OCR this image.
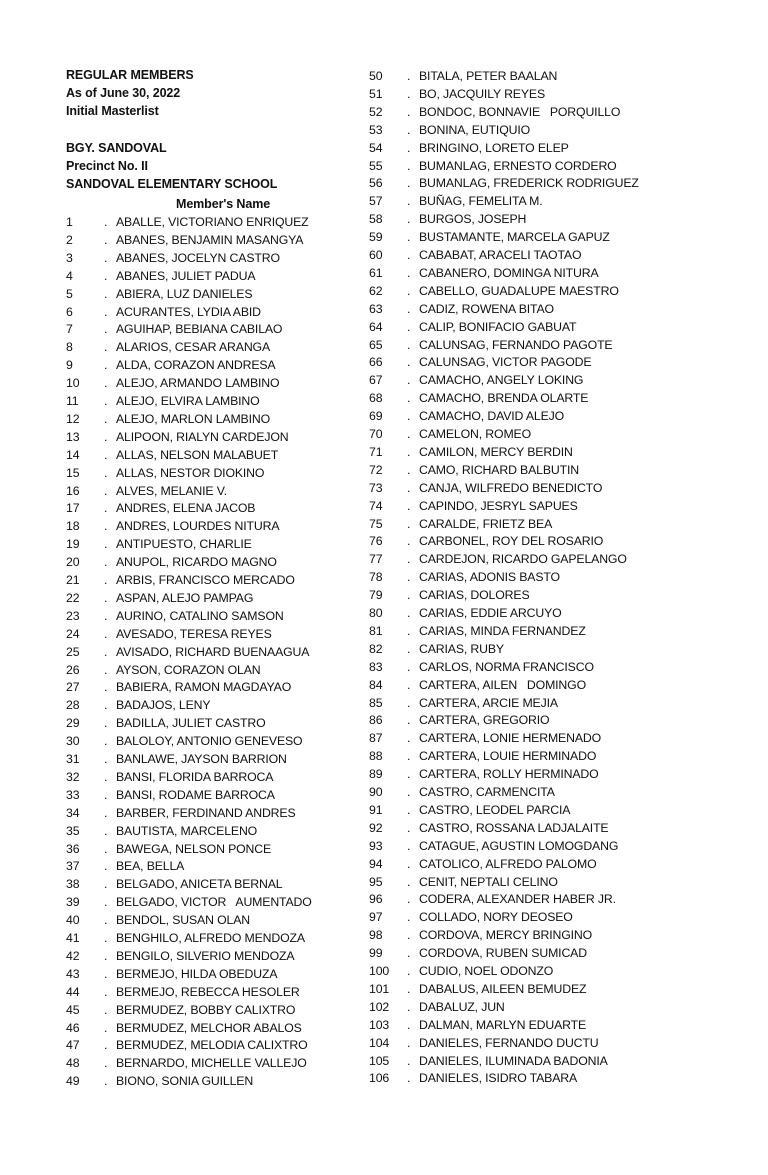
REGULAR MEMBERS
As of June 30, 2022
Initial Masterlist
BGY. SANDOVAL
Precinct No. II
SANDOVAL ELEMENTARY SCHOOL
Member's Name
1	. ABALLE, VICTORIANO ENRIQUEZ
2	. ABANES, BENJAMIN MASANGYA
3	. ABANES, JOCELYN CASTRO
4	. ABANES, JULIET PADUA
5	. ABIERA, LUZ DANIELES
6	. ACURANTES, LYDIA ABID
7	. AGUIHAP, BEBIANA CABILAO
8	. ALARIOS, CESAR ARANGA
9	. ALDA, CORAZON ANDRESA
10 . ALEJO, ARMANDO LAMBINO
11 . ALEJO, ELVIRA LAMBINO
12 . ALEJO, MARLON LAMBINO
13 . ALIPOON, RIALYN CARDEJON
14 . ALLAS, NELSON MALABUET
15 . ALLAS, NESTOR DIOKINO
16 . ALVES, MELANIE V.
17 . ANDRES, ELENA JACOB
18 . ANDRES, LOURDES NITURA
19 . ANTIPUESTO, CHARLIE
20 . ANUPOL, RICARDO MAGNO
21 . ARBIS, FRANCISCO MERCADO
22 . ASPAN, ALEJO PAMPAG
23 . AURINO, CATALINO SAMSON
24 . AVESADO, TERESA REYES
25 . AVISADO, RICHARD BUENAAGUA
26 . AYSON, CORAZON OLAN
27 . BABIERA, RAMON MAGDAYAO
28 . BADAJOS, LENY
29 . BADILLA, JULIET CASTRO
30 . BALOLOY, ANTONIO GENEVESO
31 . BANLAWE, JAYSON BARRION
32 . BANSI, FLORIDA BARROCA
33 . BANSI, RODAME BARROCA
34 . BARBER, FERDINAND ANDRES
35 . BAUTISTA, MARCELENO
36 . BAWEGA, NELSON PONCE
37 . BEA, BELLA
38 . BELGADO, ANICETA BERNAL
39 . BELGADO, VICTOR   AUMENTADO
40 . BENDOL, SUSAN OLAN
41 . BENGHILO, ALFREDO MENDOZA
42 . BENGILO, SILVERIO MENDOZA
43 . BERMEJO, HILDA OBEDUZA
44 . BERMEJO, REBECCA HESOLER
45 . BERMUDEZ, BOBBY CALIXTRO
46 . BERMUDEZ, MELCHOR ABALOS
47 . BERMUDEZ, MELODIA CALIXTRO
48 . BERNARDO, MICHELLE VALLEJO
49 . BIONO, SONIA GUILLEN
50 . BITALA, PETER BAALAN
51 . BO, JACQUILY REYES
52 . BONDOC, BONNAVIE   PORQUILLO
53 . BONINA, EUTIQUIO
54 . BRINGINO, LORETO ELEP
55 . BUMANLAG, ERNESTO CORDERO
56 . BUMANLAG, FREDERICK RODRIGUEZ
57 . BUÑAG, FEMELITA M.
58 . BURGOS, JOSEPH
59 . BUSTAMANTE, MARCELA GAPUZ
60 . CABABAT, ARACELI TAOTAO
61 . CABANERO, DOMINGA NITURA
62 . CABELLO, GUADALUPE MAESTRO
63 . CADIZ, ROWENA BITAO
64 . CALIP, BONIFACIO GABUAT
65 . CALUNSAG, FERNANDO PAGOTE
66 . CALUNSAG, VICTOR PAGODE
67 . CAMACHO, ANGELY LOKING
68 . CAMACHO, BRENDA OLARTE
69 . CAMACHO, DAVID ALEJO
70 . CAMELON, ROMEO
71 . CAMILON, MERCY BERDIN
72 . CAMO, RICHARD BALBUTIN
73 . CANJA, WILFREDO BENEDICTO
74 . CAPINDO, JESRYL SAPUES
75 . CARALDE, FRIETZ BEA
76 . CARBONEL, ROY DEL ROSARIO
77 . CARDEJON, RICARDO GAPELANGO
78 . CARIAS, ADONIS BASTO
79 . CARIAS, DOLORES
80 . CARIAS, EDDIE ARCUYO
81 . CARIAS, MINDA FERNANDEZ
82 . CARIAS, RUBY
83 . CARLOS, NORMA FRANCISCO
84 . CARTERA, AILEN   DOMINGO
85 . CARTERA, ARCIE MEJIA
86 . CARTERA, GREGORIO
87 . CARTERA, LONIE HERMENADO
88 . CARTERA, LOUIE HERMINADO
89 . CARTERA, ROLLY HERMINADO
90 . CASTRO, CARMENCITA
91 . CASTRO, LEODEL PARCIA
92 . CASTRO, ROSSANA LADJALAITE
93 . CATAGUE, AGUSTIN LOMOGDANG
94 . CATOLICO, ALFREDO PALOMO
95 . CENIT, NEPTALI CELINO
96 . CODERA, ALEXANDER HABER JR.
97 . COLLADO, NORY DEOSEO
98 . CORDOVA, MERCY BRINGINO
99 . CORDOVA, RUBEN SUMICAD
100 . CUDIO, NOEL ODONZO
101 . DABALUS, AILEEN BEMUDEZ
102 . DABALUZ, JUN
103 . DALMAN, MARLYN EDUARTE
104 . DANIELES, FERNANDO DUCTU
105 . DANIELES, ILUMINADA BADONIA
106 . DANIELES, ISIDRO TABARA
